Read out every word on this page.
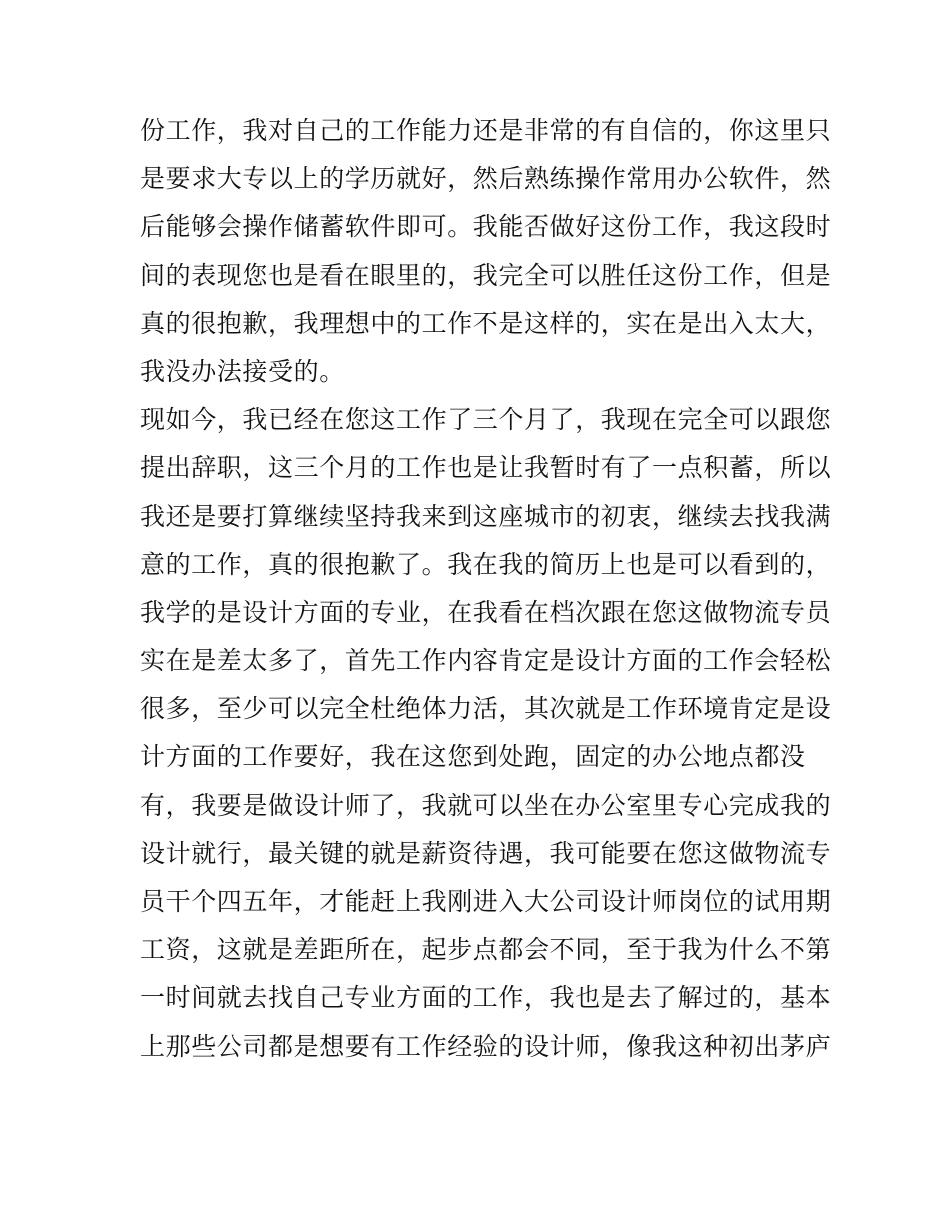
份工作，我对自己的工作能力还是非常的有自信的，你这里只
是要求大专以上的学历就好，然后熟练操作常用办公软件，然
后能够会操作储蓄软件即可。我能否做好这份工作，我这段时
间的表现您也是看在眼里的，我完全可以胜任这份工作，但是
真的很抱歉，我理想中的工作不是这样的，实在是出入太大，
我没办法接受的。
现如今，我已经在您这工作了三个月了，我现在完全可以跟您
提出辞职，这三个月的工作也是让我暂时有了一点积蓄，所以
我还是要打算继续坚持我来到这座城市的初衷，继续去找我满
意的工作，真的很抱歉了。我在我的简历上也是可以看到的，
我学的是设计方面的专业，在我看在档次跟在您这做物流专员
实在是差太多了，首先工作内容肯定是设计方面的工作会轻松
很多，至少可以完全杜绝体力活，其次就是工作环境肯定是设
计方面的工作要好，我在这您到处跑，固定的办公地点都没
有，我要是做设计师了，我就可以坐在办公室里专心完成我的
设计就行，最关键的就是薪资待遇，我可能要在您这做物流专
员干个四五年，才能赶上我刚进入大公司设计师岗位的试用期
工资，这就是差距所在，起步点都会不同，至于我为什么不第
一时间就去找自己专业方面的工作，我也是去了解过的，基本
上那些公司都是想要有工作经验的设计师，像我这种初出茅庐
